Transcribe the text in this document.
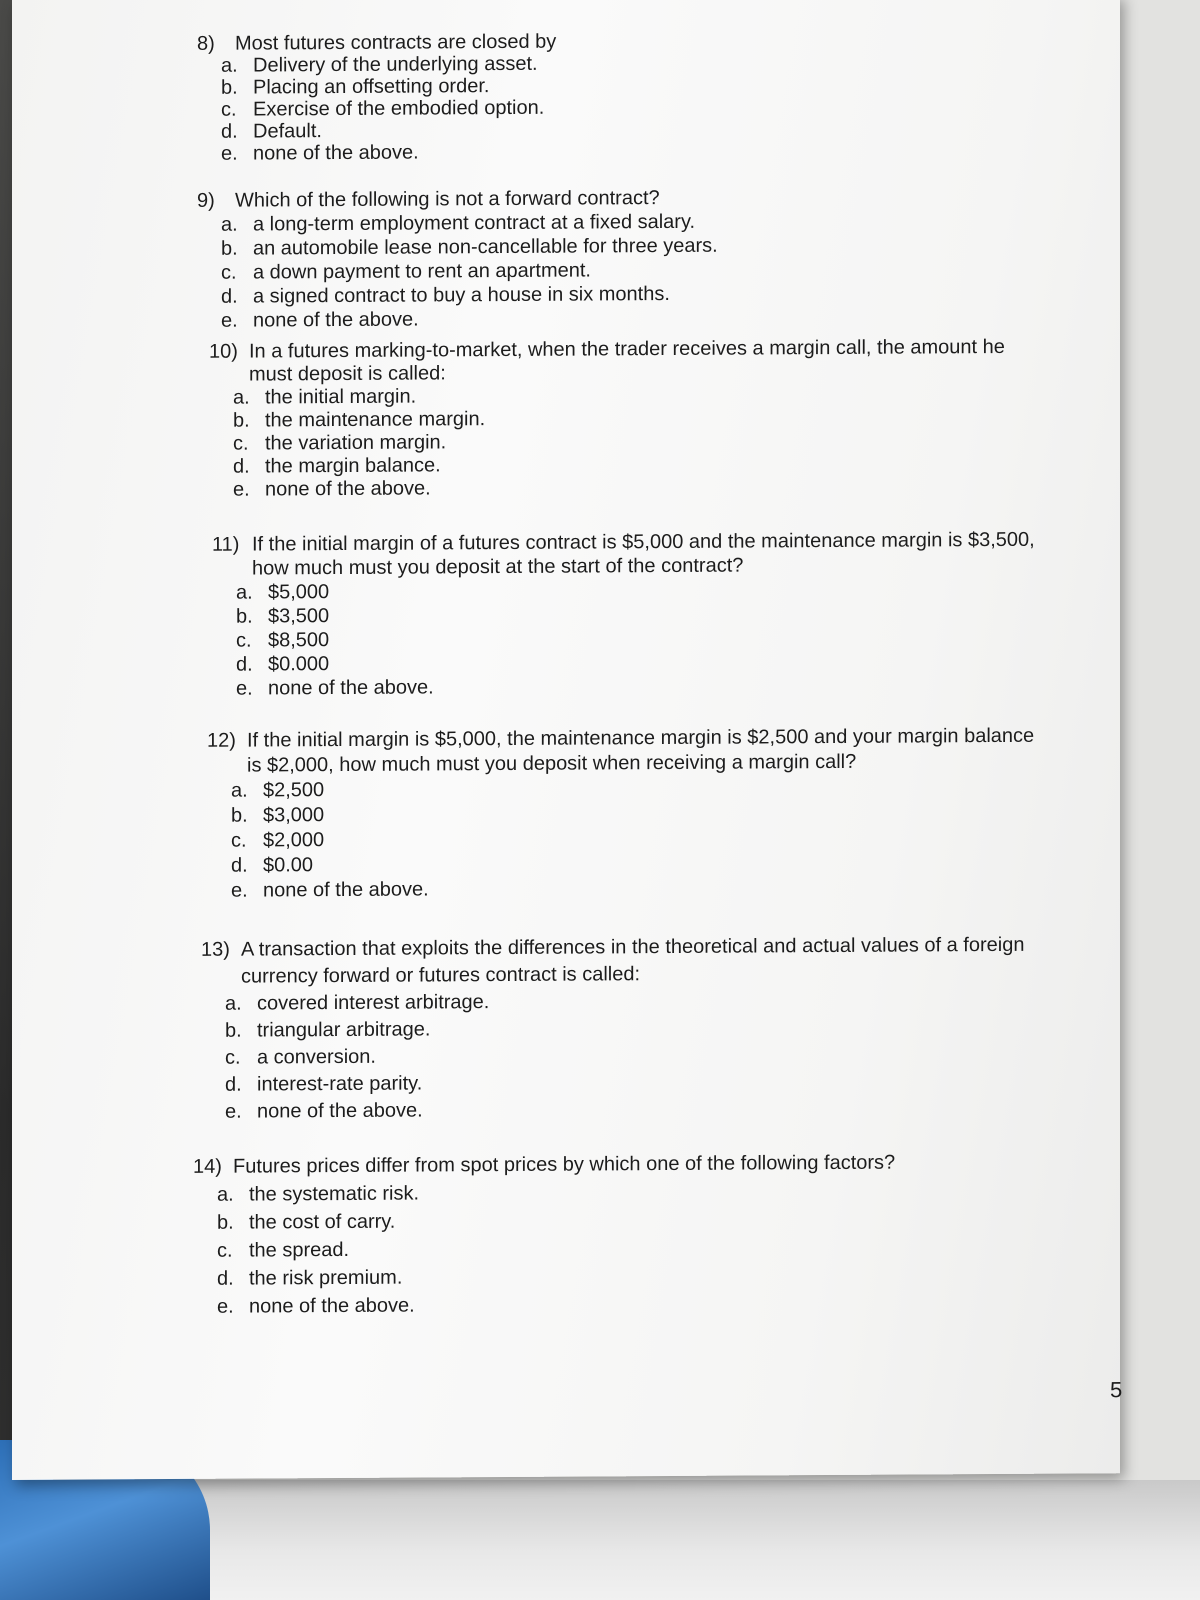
8)	Most futures contracts are closed by
a. Delivery of the underlying asset.
b. Placing an offsetting order.
c. Exercise of the embodied option.
d. Default.
e. none of the above.
9)	Which of the following is not a forward contract?
a. a long-term employment contract at a fixed salary.
b. an automobile lease non-cancellable for three years.
c. a down payment to rent an apartment.
d. a signed contract to buy a house in six months.
e. none of the above.
10) In a futures marking-to-market, when the trader receives a margin call, the amount he must deposit is called:
a. the initial margin.
b. the maintenance margin.
c. the variation margin.
d. the margin balance.
e. none of the above.
11) If the initial margin of a futures contract is $5,000 and the maintenance margin is $3,500, how much must you deposit at the start of the contract?
a. $5,000
b. $3,500
c. $8,500
d. $0.000
e. none of the above.
12) If the initial margin is $5,000, the maintenance margin is $2,500 and your margin balance is $2,000, how much must you deposit when receiving a margin call?
a. $2,500
b. $3,000
c. $2,000
d. $0.00
e. none of the above.
13) A transaction that exploits the differences in the theoretical and actual values of a foreign currency forward or futures contract is called:
a. covered interest arbitrage.
b. triangular arbitrage.
c. a conversion.
d. interest-rate parity.
e. none of the above.
14) Futures prices differ from spot prices by which one of the following factors?
a. the systematic risk.
b. the cost of carry.
c. the spread.
d. the risk premium.
e. none of the above.
5
